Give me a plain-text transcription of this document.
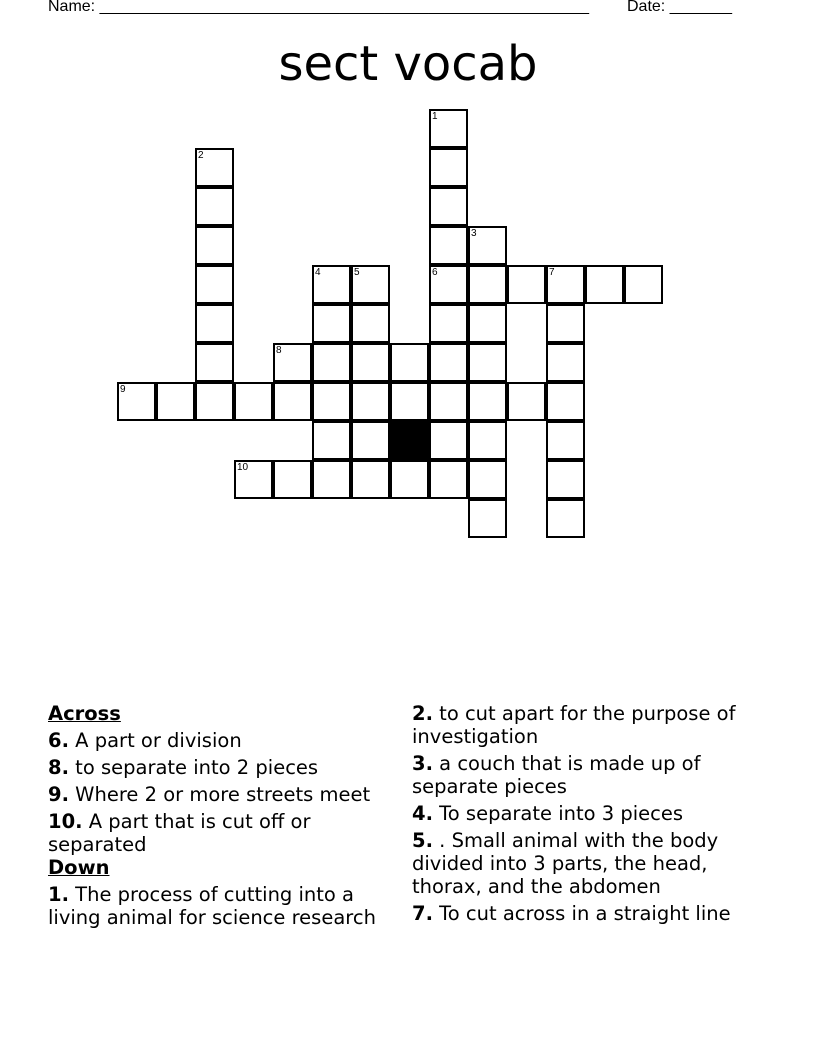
Name: _______________________________________________________ Date: _______
sect vocab
1
6
2
3
4	5	7
8
9
10
Across
6. A part or division
8. to separate into 2 pieces
9. Where 2 or more streets meet
10. A part that is cut off or separated
Down
1. The process of cutting into a living animal for science research
2. to cut apart for the purpose of investigation
3. a couch that is made up of separate pieces
4. To separate into 3 pieces
5. . Small animal with the body divided into 3 parts, the head, thorax, and the abdomen
7. To cut across in a straight line
